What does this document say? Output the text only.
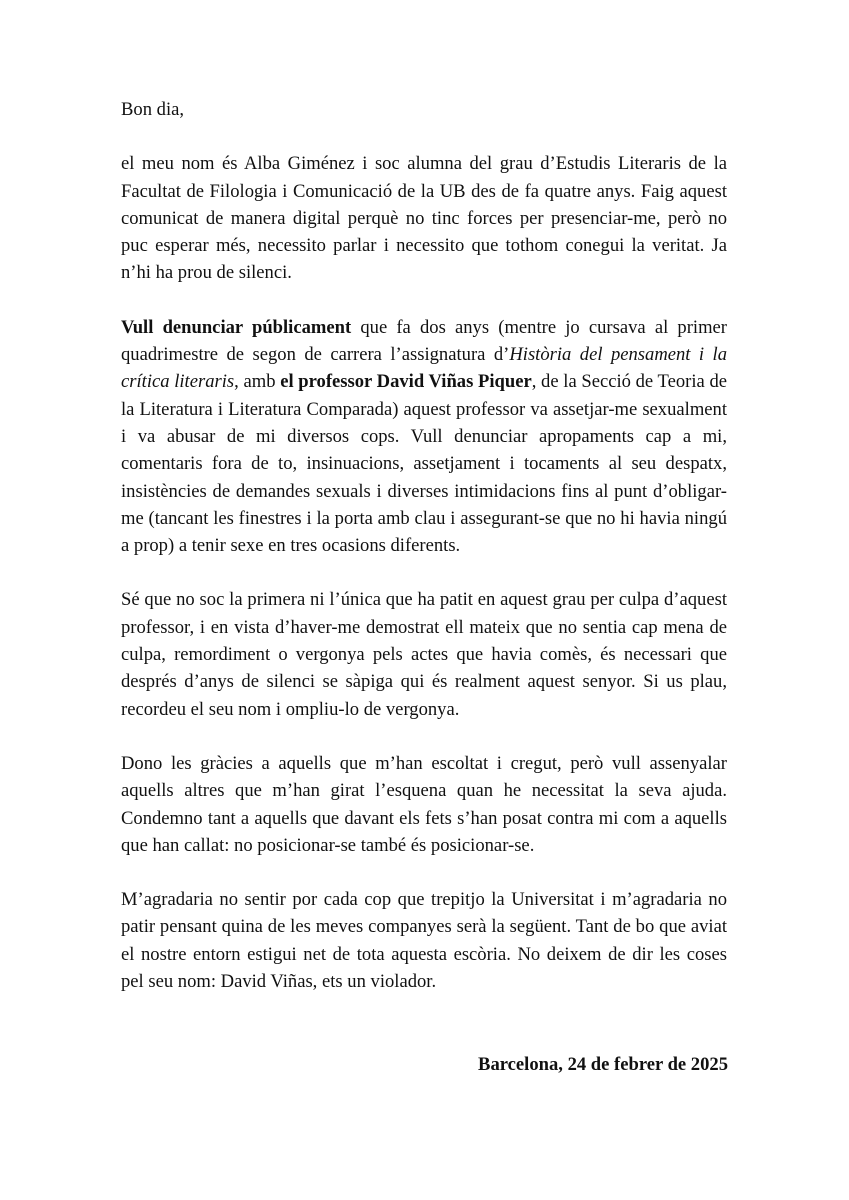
Bon dia,

el meu nom és Alba Giménez i soc alumna del grau d’Estudis Literaris de la Facultat de Filologia i Comunicació de la UB des de fa quatre anys. Faig aquest comunicat de manera digital perquè no tinc forces per presenciar-me, però no puc esperar més, necessito parlar i necessito que tothom conegui la veritat. Ja n’hi ha prou de silenci.

Vull denunciar públicament que fa dos anys (mentre jo cursava al primer quadrimestre de segon de carrera l’assignatura d’Història del pensament i la crítica literaris, amb el professor David Viñas Piquer, de la Secció de Teoria de la Literatura i Literatura Comparada) aquest professor va assetjar-me sexualment i va abusar de mi diversos cops. Vull denunciar apropaments cap a mi, comentaris fora de to, insinuacions, assetjament i tocaments al seu despatx, insistències de demandes sexuals i diverses intimidacions fins al punt d’obligar-me (tancant les finestres i la porta amb clau i assegurant-se que no hi havia ningú a prop) a tenir sexe en tres ocasions diferents.

Sé que no soc la primera ni l’única que ha patit en aquest grau per culpa d’aquest professor, i en vista d’haver-me demostrat ell mateix que no sentia cap mena de culpa, remordiment o vergonya pels actes que havia comès, és necessari que després d’anys de silenci se sàpiga qui és realment aquest senyor. Si us plau, recordeu el seu nom i ompliu-lo de vergonya.

Dono les gràcies a aquells que m’han escoltat i cregut, però vull assenyalar aquells altres que m’han girat l’esquena quan he necessitat la seva ajuda. Condemno tant a aquells que davant els fets s’han posat contra mi com a aquells que han callat: no posicionar-se també és posicionar-se.

M’agradaria no sentir por cada cop que trepitjo la Universitat i m’agradaria no patir pensant quina de les meves companyes serà la següent. Tant de bo que aviat el nostre entorn estigui net de tota aquesta escòria. No deixem de dir les coses pel seu nom: David Viñas, ets un violador.

Barcelona, 24 de febrer de 2025
